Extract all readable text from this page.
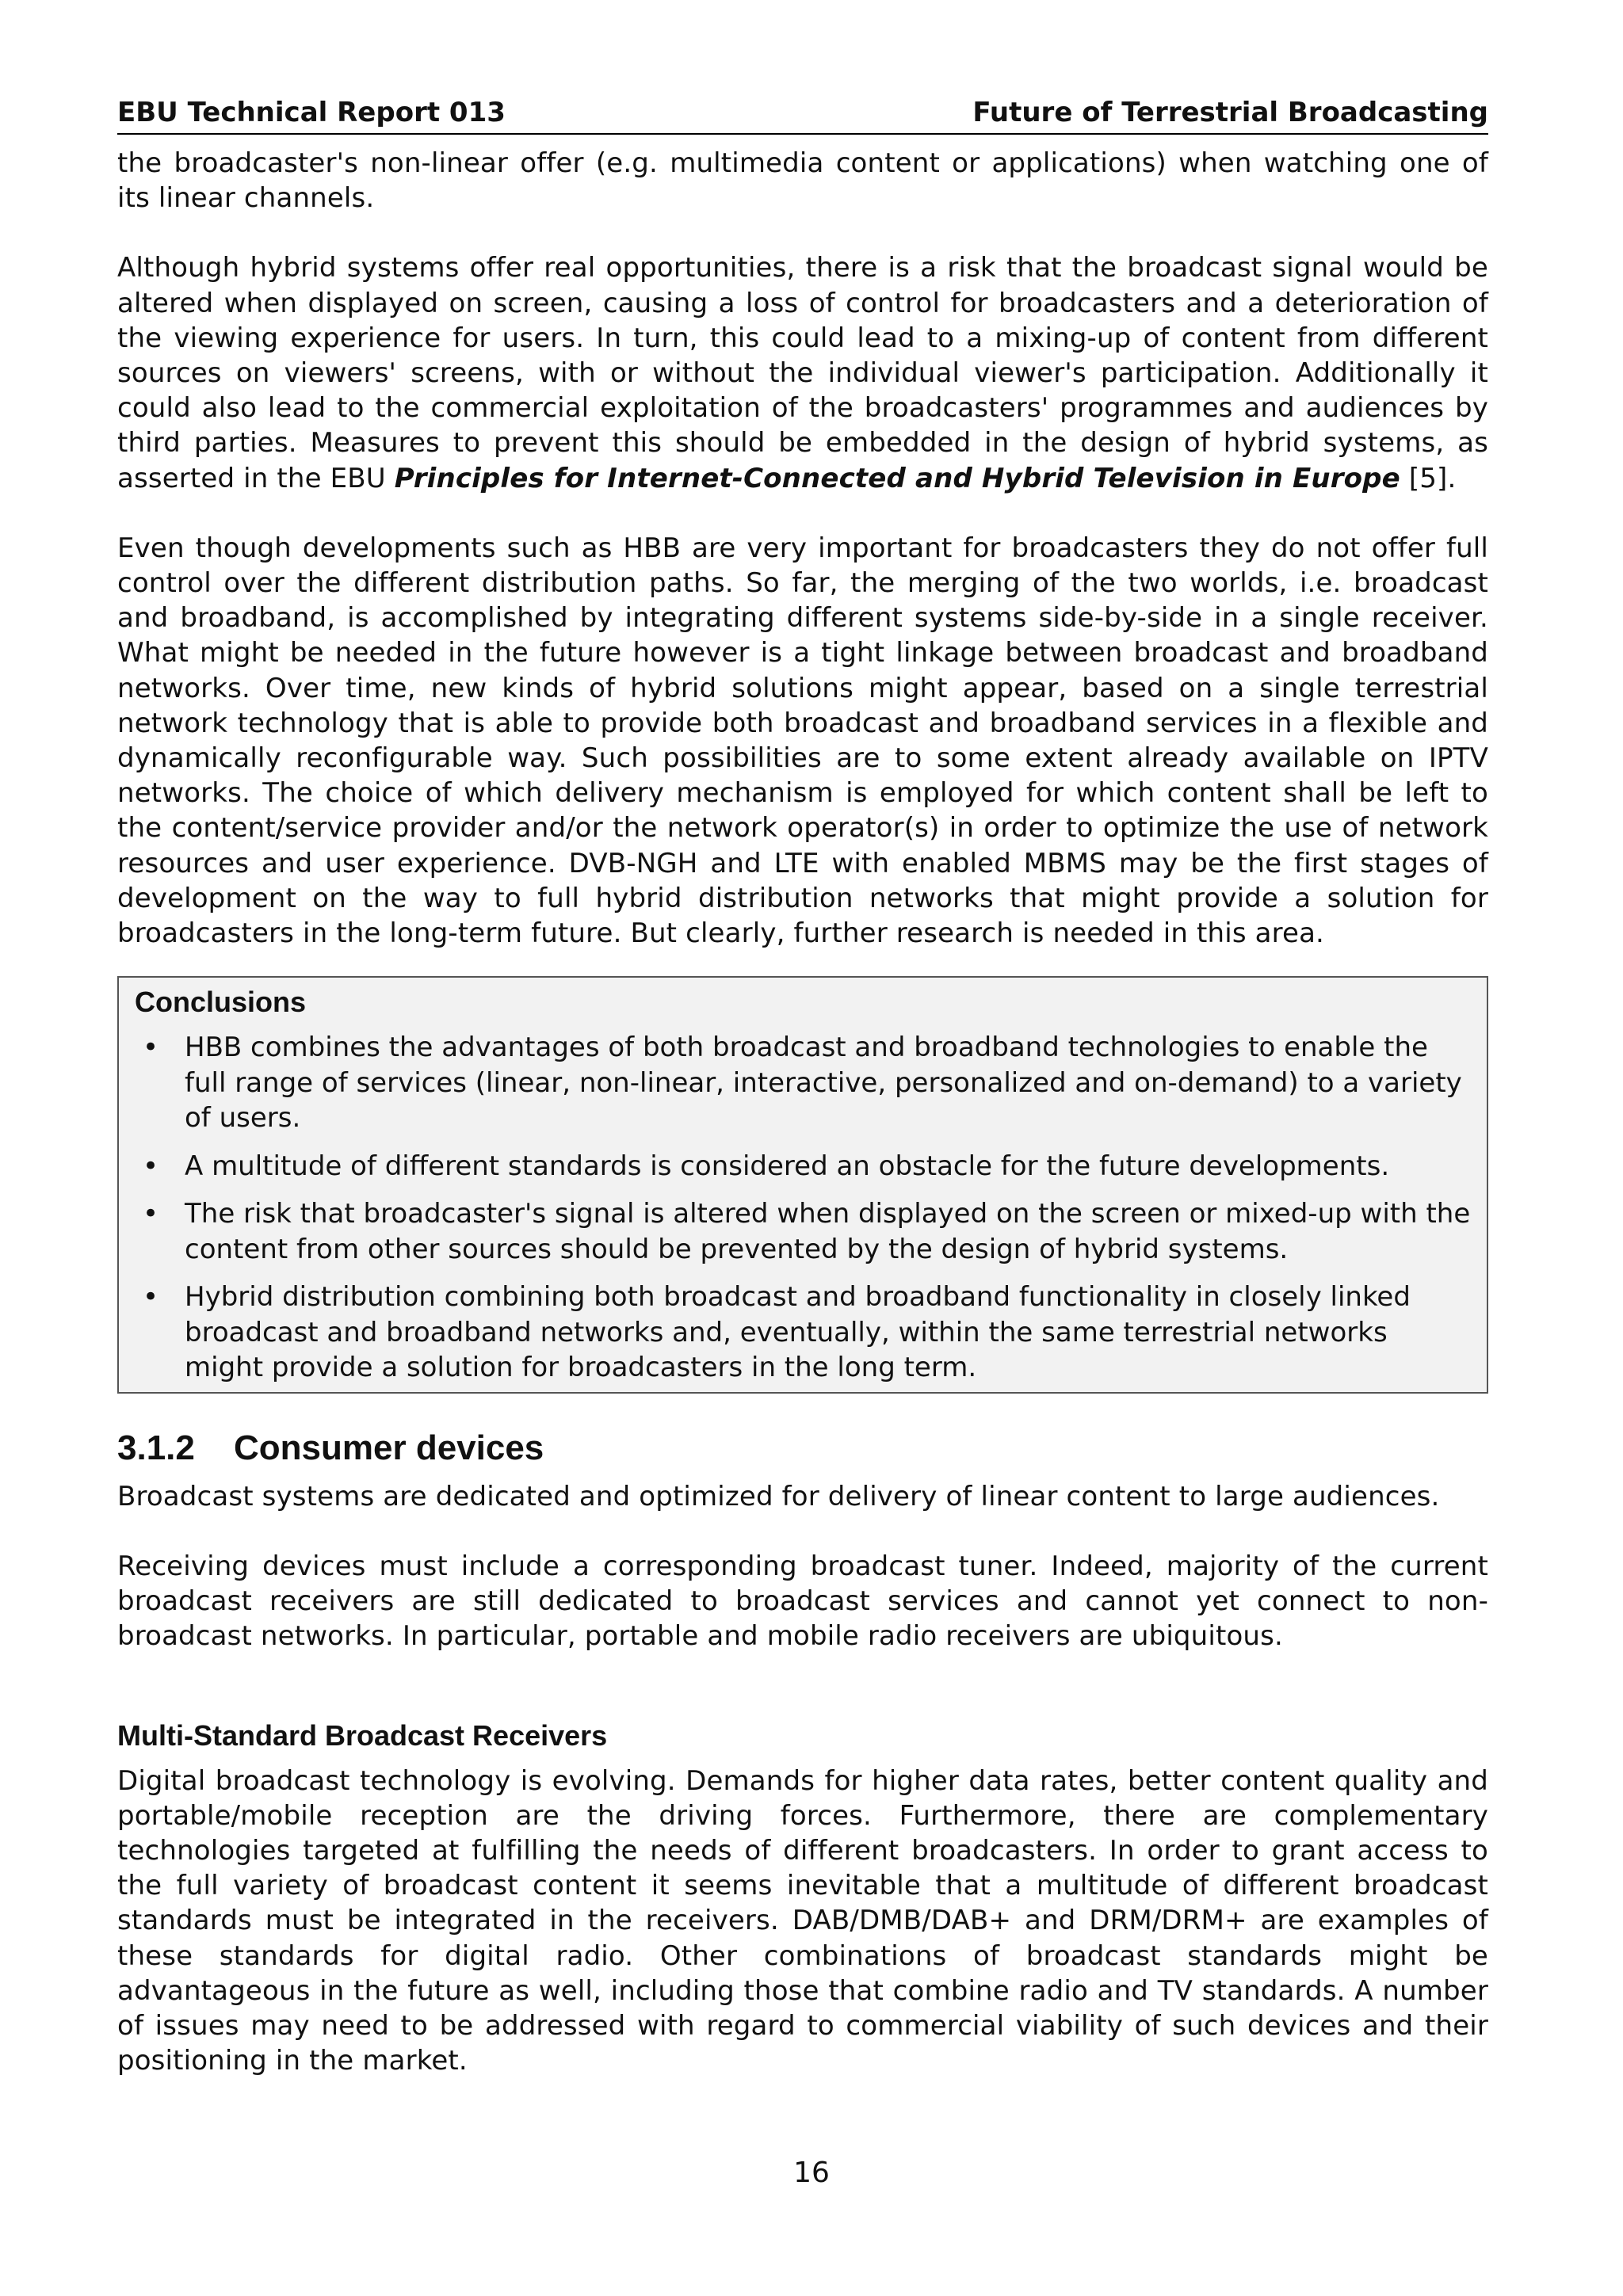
EBU Technical Report 013	Future of Terrestrial Broadcasting

the broadcaster's non-linear offer (e.g. multimedia content or applications) when watching one of its linear channels.

Although hybrid systems offer real opportunities, there is a risk that the broadcast signal would be altered when displayed on screen, causing a loss of control for broadcasters and a deterioration of the viewing experience for users. In turn, this could lead to a mixing-up of content from different sources on viewers' screens, with or without the individual viewer's participation. Additionally it could also lead to the commercial exploitation of the broadcasters' programmes and audiences by third parties. Measures to prevent this should be embedded in the design of hybrid systems, as asserted in the EBU Principles for Internet-Connected and Hybrid Television in Europe [5].

Even though developments such as HBB are very important for broadcasters they do not offer full control over the different distribution paths. So far, the merging of the two worlds, i.e. broadcast and broadband, is accomplished by integrating different systems side-by-side in a single receiver. What might be needed in the future however is a tight linkage between broadcast and broadband networks. Over time, new kinds of hybrid solutions might appear, based on a single terrestrial network technology that is able to provide both broadcast and broadband services in a flexible and dynamically reconfigurable way. Such possibilities are to some extent already available on IPTV networks. The choice of which delivery mechanism is employed for which content shall be left to the content/service provider and/or the network operator(s) in order to optimize the use of network resources and user experience. DVB-NGH and LTE with enabled MBMS may be the first stages of development on the way to full hybrid distribution networks that might provide a solution for broadcasters in the long-term future. But clearly, further research is needed in this area.

Conclusions
• HBB combines the advantages of both broadcast and broadband technologies to enable the full range of services (linear, non-linear, interactive, personalized and on-demand) to a variety of users.
• A multitude of different standards is considered an obstacle for the future developments.
• The risk that broadcaster's signal is altered when displayed on the screen or mixed-up with the content from other sources should be prevented by the design of hybrid systems.
• Hybrid distribution combining both broadcast and broadband functionality in closely linked broadcast and broadband networks and, eventually, within the same terrestrial networks might provide a solution for broadcasters in the long term.
3.1.2	Consumer devices

Broadcast systems are dedicated and optimized for delivery of linear content to large audiences.

Receiving devices must include a corresponding broadcast tuner. Indeed, majority of the current broadcast receivers are still dedicated to broadcast services and cannot yet connect to non-broadcast networks. In particular, portable and mobile radio receivers are ubiquitous.

Multi-Standard Broadcast Receivers

Digital broadcast technology is evolving. Demands for higher data rates, better content quality and portable/mobile reception are the driving forces. Furthermore, there are complementary technologies targeted at fulfilling the needs of different broadcasters. In order to grant access to the full variety of broadcast content it seems inevitable that a multitude of different broadcast standards must be integrated in the receivers. DAB/DMB/DAB+ and DRM/DRM+ are examples of these standards for digital radio. Other combinations of broadcast standards might be advantageous in the future as well, including those that combine radio and TV standards. A number of issues may need to be addressed with regard to commercial viability of such devices and their positioning in the market.

16
